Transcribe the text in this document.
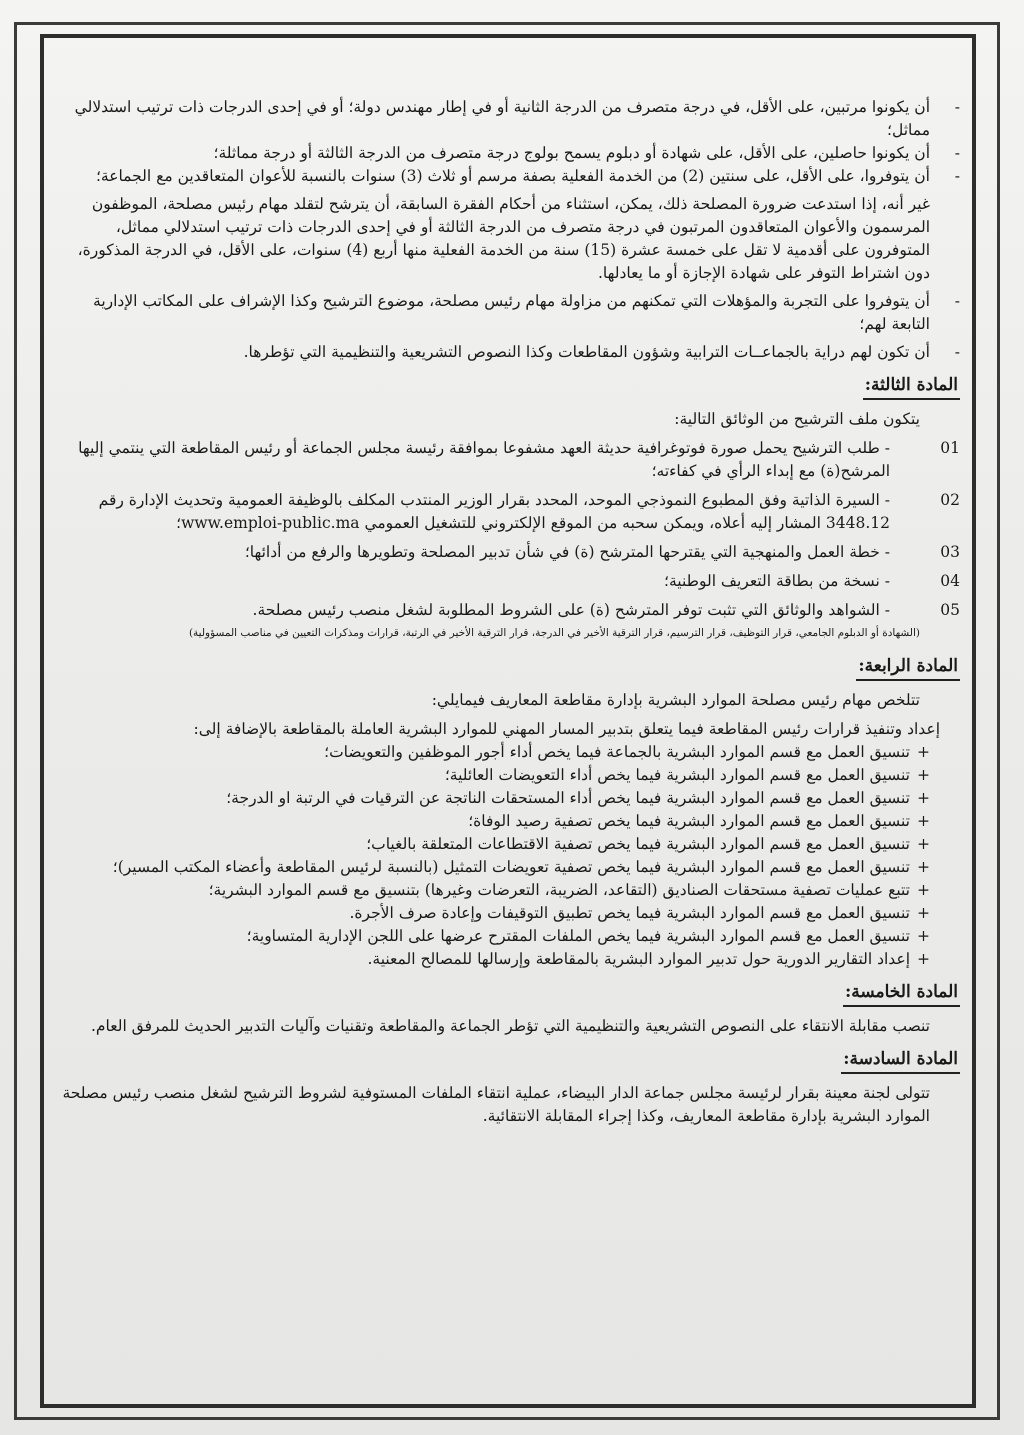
- أن يكونوا مرتبين، على الأقل، في درجة متصرف من الدرجة الثانية أو في إطار مهندس دولة؛ أو في إحدى الدرجات ذات ترتيب استدلالي مماثل؛

- أن يكونوا حاصلين، على الأقل، على شهادة أو دبلوم يسمح بولوج درجة متصرف من الدرجة الثالثة أو درجة مماثلة؛

- أن يتوفروا، على الأقل، على سنتين (2) من الخدمة الفعلية بصفة مرسم أو ثلاث (3) سنوات بالنسبة للأعوان المتعاقدين مع الجماعة؛

غير أنه، إذا استدعت ضرورة المصلحة ذلك، يمكن، استثناء من أحكام الفقرة السابقة، أن يترشح لتقلد مهام رئيس مصلحة، الموظفون المرسمون والأعوان المتعاقدون المرتبون في درجة متصرف من الدرجة الثالثة أو في إحدى الدرجات ذات ترتيب استدلالي مماثل، المتوفرون على أقدمية لا تقل على خمسة عشرة (15) سنة من الخدمة الفعلية منها أربع (4) سنوات، على الأقل، في الدرجة المذكورة، دون اشتراط التوفر على شهادة الإجازة أو ما يعادلها.

- أن يتوفروا على التجربة والمؤهلات التي تمكنهم من مزاولة مهام رئيس مصلحة، موضوع الترشيح وكذا الإشراف على المكاتب الإدارية التابعة لهم؛

- أن تكون لهم دراية بالجماعــات الترابية وشؤون المقاطعات وكذا النصوص التشريعية والتنظيمية التي تؤطرها.

المادة الثالثة:

يتكون ملف الترشيح من الوثائق التالية:

01
- طلب الترشيح يحمل صورة فوتوغرافية حديثة العهد مشفوعا بموافقة رئيسة مجلس الجماعة أو رئيس المقاطعة التي ينتمي إليها المرشح(ة) مع إبداء الرأي في كفاءته؛
02
- السيرة الذاتية وفق المطبوع النموذجي الموحد، المحدد بقرار الوزير المنتدب المكلف بالوظيفة العمومية وتحديث الإدارة رقم 3448.12 المشار إليه أعلاه، ويمكن سحبه من الموقع الإلكتروني للتشغيل العمومي www.emploi-public.ma؛
03
- خطة العمل والمنهجية التي يقترحها المترشح (ة) في شأن تدبير المصلحة وتطويرها والرفع من أدائها؛
04
- نسخة من بطاقة التعريف الوطنية؛
05
- الشواهد والوثائق التي تثبت توفر المترشح (ة) على الشروط المطلوبة لشغل منصب رئيس مصلحة.

(الشهادة أو الدبلوم الجامعي، قرار التوظيف، قرار الترسيم، قرار الترقية الأخير في الدرجة، قرار الترقية الأخير في الرتبة، قرارات ومذكرات التعيين في مناصب المسؤولية)

المادة الرابعة:

تتلخص مهام رئيس مصلحة الموارد البشرية بإدارة مقاطعة المعاريف فيمايلي:

إعداد وتنفيذ قرارات رئيس المقاطعة فيما يتعلق بتدبير المسار المهني للموارد البشرية العاملة بالمقاطعة بالإضافة إلى:

+ تنسيق العمل مع قسم الموارد البشرية بالجماعة فيما يخص أداء أجور الموظفين والتعويضات؛

+ تنسيق العمل مع قسم الموارد البشرية فيما يخص أداء التعويضات العائلية؛

+ تنسيق العمل مع قسم الموارد البشرية فيما يخص أداء المستحقات الناتجة عن الترقيات في الرتبة او الدرجة؛

+ تنسيق العمل مع قسم الموارد البشرية فيما يخص تصفية رصيد الوفاة؛

+ تنسيق العمل مع قسم الموارد البشرية فيما يخص تصفية الاقتطاعات المتعلقة بالغياب؛

+ تنسيق العمل مع قسم الموارد البشرية فيما يخص تصفية تعويضات التمثيل (بالنسبة لرئيس المقاطعة وأعضاء المكتب المسير)؛

+ تتبع عمليات تصفية مستحقات الصناديق (التقاعد، الضريبة، التعرضات وغيرها) بتنسيق مع قسم الموارد البشرية؛

+ تنسيق العمل مع قسم الموارد البشرية فيما يخص تطبيق التوقيفات وإعادة صرف الأجرة.

+ تنسيق العمل مع قسم الموارد البشرية فيما يخص الملفات المقترح عرضها على اللجن الإدارية المتساوية؛

+ إعداد التقارير الدورية حول تدبير الموارد البشرية بالمقاطعة وإرسالها للمصالح المعنية.

المادة الخامسة:

تنصب مقابلة الانتقاء على النصوص التشريعية والتنظيمية التي تؤطر الجماعة والمقاطعة وتقنيات وآليات التدبير الحديث للمرفق العام.

المادة السادسة:

تتولى لجنة معينة بقرار لرئيسة مجلس جماعة الدار البيضاء، عملية انتقاء الملفات المستوفية لشروط الترشيح لشغل منصب رئيس مصلحة الموارد البشرية بإدارة مقاطعة المعاريف، وكذا إجراء المقابلة الانتقائية.
